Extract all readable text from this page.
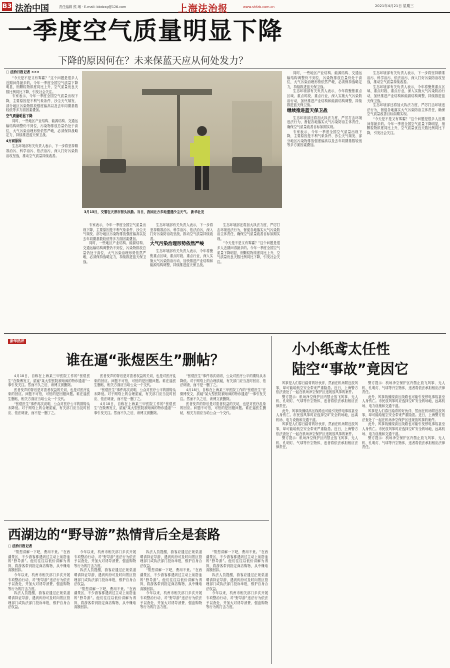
B3 法治中国	责任编辑 熊 琳 · E-mail: bbdzxg@126.com	上海法治报	www.shfzb.com.cn	2021年4月21日 星期三
一季度空气质量明显下降
下降的原因何在？未来保蓝天应从何处发力？
□ 法治日报记者 ×××

“今天是不是又有雾霾？”这个问题是很多人近期问得最多的。今年一季度全国空气质量下降明显，细颗粒物浓度同比上升，空气质量优良天数比例同比下降，引发社会关注。

专家表示，今年一季度全国空气质量出现下降，主要原因是不利气象条件、沙尘天气频发、部分地区污染物排放强度偏高以及去年同期基数较低等多方面因素叠加。

空气质量明显下降

同时，一些地区产业结构、能源结构、交通运输结构调整仍不到位，污染物排放总量仍处于高位，大气污染治理形势依然严峻，必须保持战略定力，持续推进蓝天保卫战。

4方面原因

生态环境部有关负责人表示，下一步将坚持精准治污、科学治污、依法治污，深入打好污染防治攻坚战，推动空气质量持续改善。

3月15日，交警在天津市街头执勤。当日，我国北方多地遭遇沙尘天气。 新华社发

专家表示，今年一季度全国空气质量出现下降，主要原因是不利气象条件、沙尘天气频发、部分地区污染物排放强度偏高以及去年同期基数较低等多方面因素叠加。

同时，一些地区产业结构、能源结构、交通运输结构调整仍不到位，污染物排放总量仍处于高位，大气污染治理形势依然严峻，必须保持战略定力，持续推进蓝天保卫战。

生态环境部有关负责人表示，下一步将坚持精准治污、科学治污、依法治污，深入打好污染防治攻坚战，推动空气质量持续改善。

大气污染治理形势依然严峻

生态环境部有关负责人表示，今年将聚焦重点区域、重点时段、重点行业，深入实施大气污染防治行动，加快推进产业结构和能源结构调整，持续推进蓝天保卫战。

生态环境部还将加大执法力度，严厉打击环境违法行为，督促各地落实大气污染防治主体责任，确保空气质量改善目标如期实现。

“今天是不是又有雾霾？”这个问题是很多人近期问得最多的。今年一季度全国空气质量下降明显，细颗粒物浓度同比上升，空气质量优良天数比例同比下降，引发社会关注。

同时，一些地区产业结构、能源结构、交通运输结构调整仍不到位，污染物排放总量仍处于高位，大气污染治理形势依然严峻，必须保持战略定力，持续推进蓝天保卫战。

生态环境部有关负责人表示，今年将聚焦重点区域、重点时段、重点行业，深入实施大气污染防治行动，加快推进产业结构和能源结构调整，持续推进蓝天保卫战。

继续推进蓝天保卫战

生态环境部还将加大执法力度，严厉打击环境违法行为，督促各地落实大气污染防治主体责任，确保空气质量改善目标如期实现。

专家表示，今年一季度全国空气质量出现下降，主要原因是不利气象条件、沙尘天气频发、部分地区污染物排放强度偏高以及去年同期基数较低等多方面因素叠加。

生态环境部有关负责人表示，下一步将坚持精准治污、科学治污、依法治污，深入打好污染防治攻坚战，推动空气质量持续改善。

生态环境部有关负责人表示，今年将聚焦重点区域、重点时段、重点行业，深入实施大气污染防治行动，加快推进产业结构和能源结构调整，持续推进蓝天保卫战。

生态环境部还将加大执法力度，严厉打击环境违法行为，督促各地落实大气污染防治主体责任，确保空气质量改善目标如期实现。

“今天是不是又有雾霾？”这个问题是很多人近期问得最多的。今年一季度全国空气质量下降明显，细颗粒物浓度同比上升，空气质量优良天数比例同比下降，引发社会关注。

新华热评
谁在逼“张煜医生”删帖？

4月18日，自称在上海某三甲医院工作的“张煜医生”在微博发文，质疑“某大型医院被暗讽的特诊通道”一事引发关注。然而不久之后，该博文被删除。

医者发声的背后是对患者权益的关切，也是对医疗乱象的回应。问题不可怕，可怕的是回避问题。谁在逼医生删帖，相关方面应当给公众一个交代。

“张煜医生”事件再次说明，公众对医疗公平的期待从未降低。对于网络上的合理质疑，有关部门应当及时回应、依法调查，而不是一删了之。

医者发声的背后是对患者权益的关切，也是对医疗乱象的回应。问题不可怕，可怕的是回避问题。谁在逼医生删帖，相关方面应当给公众一个交代。

“张煜医生”事件再次说明，公众对医疗公平的期待从未降低。对于网络上的合理质疑，有关部门应当及时回应、依法调查，而不是一删了之。

4月18日，自称在上海某三甲医院工作的“张煜医生”在微博发文，质疑“某大型医院被暗讽的特诊通道”一事引发关注。然而不久之后，该博文被删除。

“张煜医生”事件再次说明，公众对医疗公平的期待从未降低。对于网络上的合理质疑，有关部门应当及时回应、依法调查，而不是一删了之。

4月18日，自称在上海某三甲医院工作的“张煜医生”在微博发文，质疑“某大型医院被暗讽的特诊通道”一事引发关注。然而不久之后，该博文被删除。

医者发声的背后是对患者权益的关切，也是对医疗乱象的回应。问题不可怕，可怕的是回避问题。谁在逼医生删帖，相关方面应当给公众一个交代。

小小纸鸢太任性
陆空“事故”竟因它

风筝是人们春日踏青的好伙伴，然而在机场附近放风筝，却可能给航空安全带来严重隐患。近日，上海警方依法查处了一起在机场净空保护区违规放风筝的案件。

警方提示：机场净空保护区内禁止放飞风筝、无人机、孔明灯、气球等升空物体，违者将依法承担相应法律责任。

此外，风筝线缠绕高压线路也可能引发停电事故甚至人身伤亡。市民放风筝时应选择空旷安全的场地，远离机场、电力设施和交通干道。

风筝是人们春日踏青的好伙伴，然而在机场附近放风筝，却可能给航空安全带来严重隐患。近日，上海警方依法查处了一起在机场净空保护区违规放风筝的案件。

警方提示：机场净空保护区内禁止放飞风筝、无人机、孔明灯、气球等升空物体，违者将依法承担相应法律责任。

警方提示：机场净空保护区内禁止放飞风筝、无人机、孔明灯、气球等升空物体，违者将依法承担相应法律责任。

此外，风筝线缠绕高压线路也可能引发停电事故甚至人身伤亡。市民放风筝时应选择空旷安全的场地，远离机场、电力设施和交通干道。

风筝是人们春日踏青的好伙伴，然而在机场附近放风筝，却可能给航空安全带来严重隐患。近日，上海警方依法查处了一起在机场净空保护区违规放风筝的案件。

此外，风筝线缠绕高压线路也可能引发停电事故甚至人身伤亡。市民放风筝时应选择空旷安全的场地，远离机场、电力设施和交通干道。

警方提示：机场净空保护区内禁止放飞风筝、无人机、孔明灯、气球等升空物体，违者将依法承担相应法律责任。

西湖边的“野导游”热情背后全是套路
□ 法治日报记者

“帮您讲解一下吧，费用不贵。”在西湖景区，不少游客都遇到过主动上前搭讪的“野导游”。他们往往以低价讲解为诱饵，将游客带到指定商店购物，从中赚取高额回扣。

今年以来，杭州市相关部门多次开展专项整治行动，对“野导游”违法行为依法予以查处，并加大对诱导消费、强迫购物等行为的打击力度。

执法人员提醒，游客应通过正规渠道聘请持证导游，遇到纠纷可及时向景区管理部门或执法部门投诉举报，维护自身合法权益。

今年以来，杭州市相关部门多次开展专项整治行动，对“野导游”违法行为依法予以查处，并加大对诱导消费、强迫购物等行为的打击力度。

执法人员提醒，游客应通过正规渠道聘请持证导游，遇到纠纷可及时向景区管理部门或执法部门投诉举报，维护自身合法权益。

“帮您讲解一下吧，费用不贵。”在西湖景区，不少游客都遇到过主动上前搭讪的“野导游”。他们往往以低价讲解为诱饵，将游客带到指定商店购物，从中赚取高额回扣。

执法人员提醒，游客应通过正规渠道聘请持证导游，遇到纠纷可及时向景区管理部门或执法部门投诉举报，维护自身合法权益。

“帮您讲解一下吧，费用不贵。”在西湖景区，不少游客都遇到过主动上前搭讪的“野导游”。他们往往以低价讲解为诱饵，将游客带到指定商店购物，从中赚取高额回扣。

今年以来，杭州市相关部门多次开展专项整治行动，对“野导游”违法行为依法予以查处，并加大对诱导消费、强迫购物等行为的打击力度。

“帮您讲解一下吧，费用不贵。”在西湖景区，不少游客都遇到过主动上前搭讪的“野导游”。他们往往以低价讲解为诱饵，将游客带到指定商店购物，从中赚取高额回扣。

执法人员提醒，游客应通过正规渠道聘请持证导游，遇到纠纷可及时向景区管理部门或执法部门投诉举报，维护自身合法权益。

今年以来，杭州市相关部门多次开展专项整治行动，对“野导游”违法行为依法予以查处，并加大对诱导消费、强迫购物等行为的打击力度。
